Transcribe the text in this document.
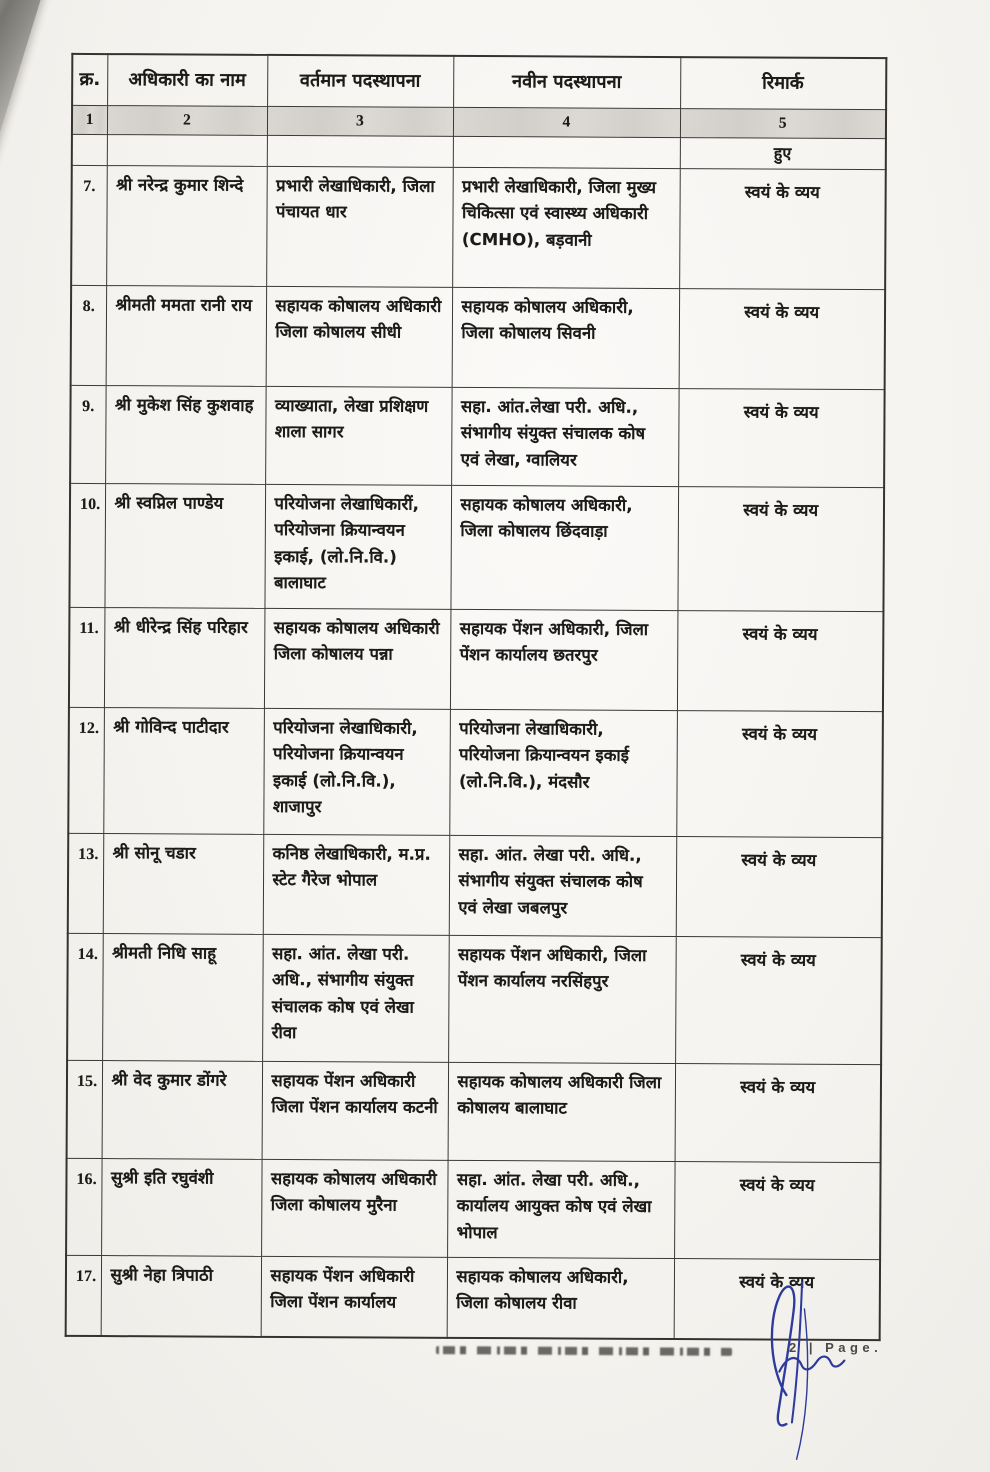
क्र.	अधिकारी का नाम	वर्तमान पदस्थापना	नवीन पदस्थापना	रिमार्क
1	2	3	4	5
				हुए
7.	श्री नरेन्द्र कुमार शिन्दे	प्रभारी लेखाधिकारी, जिला पंचायत धार	प्रभारी लेखाधिकारी, जिला मुख्य चिकित्सा एवं स्वास्थ्य अधिकारी (CMHO), बड़वानी	स्वयं के व्यय
8.	श्रीमती ममता रानी राय	सहायक कोषालय अधिकारी जिला कोषालय सीधी	सहायक कोषालय अधिकारी, जिला कोषालय सिवनी	स्वयं के व्यय
9.	श्री मुकेश सिंह कुशवाह	व्याख्याता, लेखा प्रशिक्षण शाला सागर	सहा. आंत.लेखा परी. अधि., संभागीय संयुक्त संचालक कोष एवं लेखा, ग्वालियर	स्वयं के व्यय
10.	श्री स्वप्निल पाण्डेय	परियोजना लेखाधिकारीं, परियोजना क्रियान्वयन इकाई, (लो.नि.वि.) बालाघाट	सहायक कोषालय अधिकारी, जिला कोषालय छिंदवाड़ा	स्वयं के व्यय
11.	श्री धीरेन्द्र सिंह परिहार	सहायक कोषालय अधिकारी जिला कोषालय पन्ना	सहायक पेंशन अधिकारी, जिला पेंशन कार्यालय छतरपुर	स्वयं के व्यय
12.	श्री गोविन्द पाटीदार	परियोजना लेखाधिकारी, परियोजना क्रियान्वयन इकाई (लो.नि.वि.), शाजापुर	परियोजना लेखाधिकारी, परियोजना क्रियान्वयन इकाई (लो.नि.वि.), मंदसौर	स्वयं के व्यय
13.	श्री सोनू चडार	कनिष्ठ लेखाधिकारी, म.प्र. स्टेट गैरेज भोपाल	सहा. आंत. लेखा परी. अधि., संभागीय संयुक्त संचालक कोष एवं लेखा जबलपुर	स्वयं के व्यय
14.	श्रीमती निधि साहू	सहा. आंत. लेखा परी. अधि., संभागीय संयुक्त संचालक कोष एवं लेखा रीवा	सहायक पेंशन अधिकारी, जिला पेंशन कार्यालय नरसिंहपुर	स्वयं के व्यय
15.	श्री वेद कुमार डोंगरे	सहायक पेंशन अधिकारी जिला पेंशन कार्यालय कटनी	सहायक कोषालय अधिकारी जिला कोषालय बालाघाट	स्वयं के व्यय
16.	सुश्री इति रघुवंशी	सहायक कोषालय अधिकारी जिला कोषालय मुरैना	सहा. आंत. लेखा परी. अधि., कार्यालय आयुक्त कोष एवं लेखा भोपाल	स्वयं के व्यय
17.	सुश्री नेहा त्रिपाठी	सहायक पेंशन अधिकारी जिला पेंशन कार्यालय	सहायक कोषालय अधिकारी, जिला कोषालय रीवा	स्वयं के व्यय
2 | Page.
